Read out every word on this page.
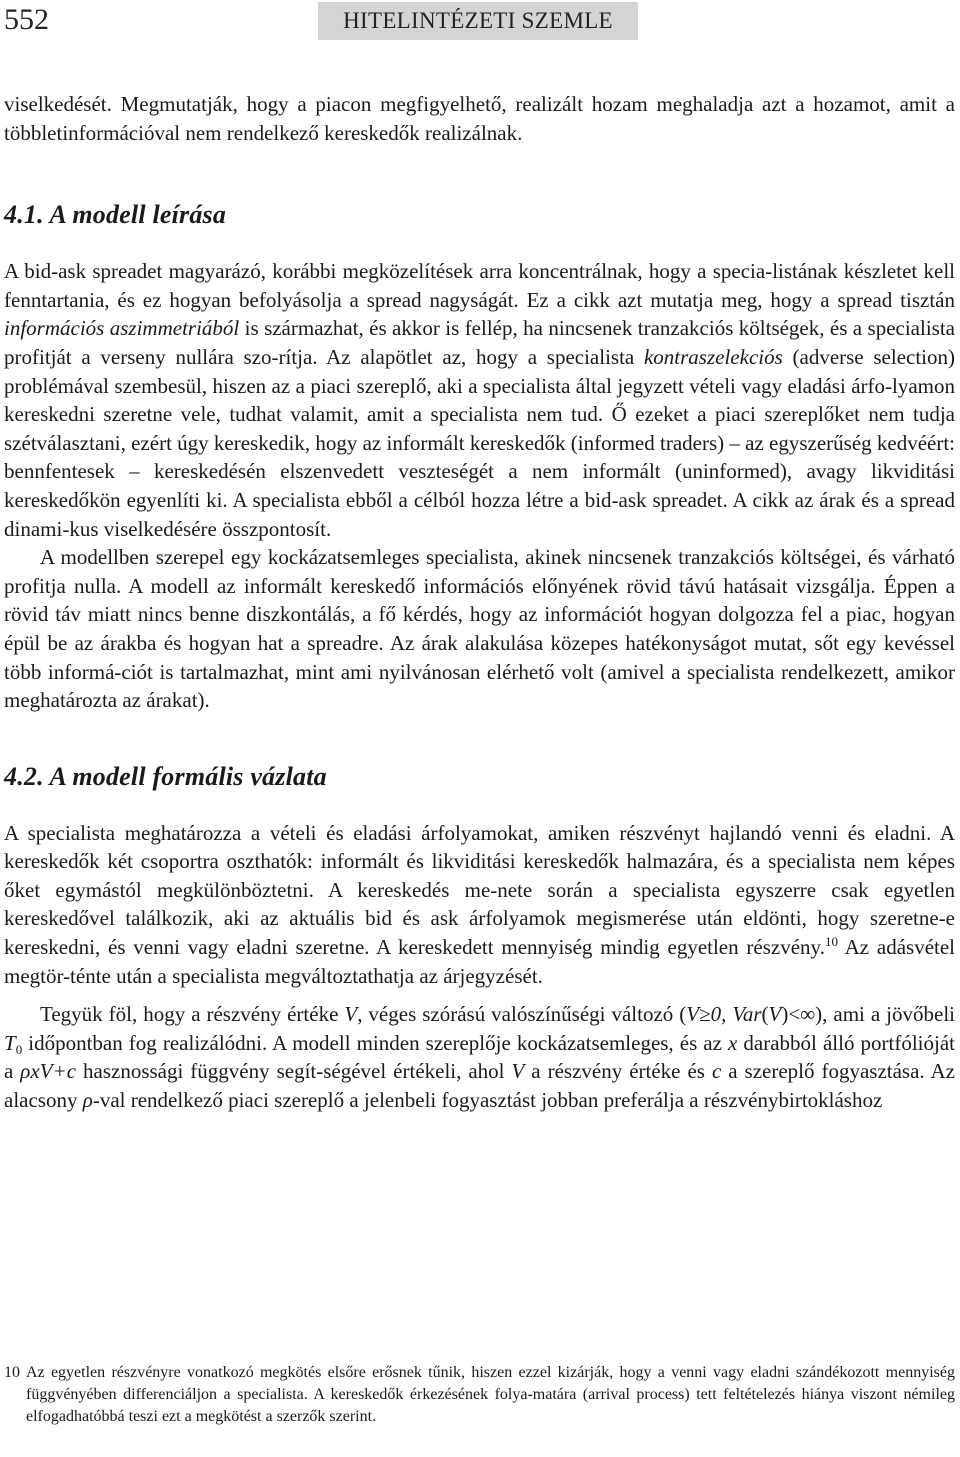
552	HITELINTÉZETI SZEMLE

viselkedését. Megmutatják, hogy a piacon megfigyelhető, realizált hozam meghaladja azt a hozamot, amit a többletinformációval nem rendelkező kereskedők realizálnak.

4.1. A modell leírása

A bid-ask spreadet magyarázó, korábbi megközelítések arra koncentrálnak, hogy a specia-listának készletet kell fenntartania, és ez hogyan befolyásolja a spread nagyságát. Ez a cikk azt mutatja meg, hogy a spread tisztán információs aszimmetriából is származhat, és akkor is fellép, ha nincsenek tranzakciós költségek, és a specialista profitját a verseny nullára szo-rítja. Az alapötlet az, hogy a specialista kontraszelekciós (adverse selection) problémával szembesül, hiszen az a piaci szereplő, aki a specialista által jegyzett vételi vagy eladási árfo-lyamon kereskedni szeretne vele, tudhat valamit, amit a specialista nem tud. Ő ezeket a piaci szereplőket nem tudja szétválasztani, ezért úgy kereskedik, hogy az informált kereskedők (informed traders) – az egyszerűség kedvéért: bennfentesek – kereskedésén elszenvedett veszteségét a nem informált (uninformed), avagy likviditási kereskedőkön egyenlíti ki. A specialista ebből a célból hozza létre a bid-ask spreadet. A cikk az árak és a spread dinami-kus viselkedésére összpontosít.

A modellben szerepel egy kockázatsemleges specialista, akinek nincsenek tranzakciós költségei, és várható profitja nulla. A modell az informált kereskedő információs előnyének rövid távú hatásait vizsgálja. Éppen a rövid táv miatt nincs benne diszkontálás, a fő kérdés, hogy az információt hogyan dolgozza fel a piac, hogyan épül be az árakba és hogyan hat a spreadre. Az árak alakulása közepes hatékonyságot mutat, sőt egy kevéssel több informá-ciót is tartalmazhat, mint ami nyilvánosan elérhető volt (amivel a specialista rendelkezett, amikor meghatározta az árakat).

4.2. A modell formális vázlata

A specialista meghatározza a vételi és eladási árfolyamokat, amiken részvényt hajlandó venni és eladni. A kereskedők két csoportra oszthatók: informált és likviditási kereskedők halmazára, és a specialista nem képes őket egymástól megkülönböztetni. A kereskedés me-nete során a specialista egyszerre csak egyetlen kereskedővel találkozik, aki az aktuális bid és ask árfolyamok megismerése után eldönti, hogy szeretne-e kereskedni, és venni vagy eladni szeretne. A kereskedett mennyiség mindig egyetlen részvény.$^{10}$ Az adásvétel megtör-ténte után a specialista megváltoztathatja az árjegyzését.

Tegyük föl, hogy a részvény értéke V, véges szórású valószínűségi változó (V≥0, Var(V)<∞), ami a jövőbeli $T_0$ időpontban fog realizálódni. A modell minden szereplője kockázatsemleges, és az x darabból álló portfólióját a ρxV+c hasznossági függvény segít-ségével értékeli, ahol V a részvény értéke és c a szereplő fogyasztása. Az alacsony ρ-val rendelkező piaci szereplő a jelenbeli fogyasztást jobban preferálja a részvénybirtokláshoz

10 Az egyetlen részvényre vonatkozó megkötés elsőre erősnek tűnik, hiszen ezzel kizárják, hogy a venni vagy eladni szándékozott mennyiség függvényében differenciáljon a specialista. A kereskedők érkezésének folya-matára (arrival process) tett feltételezés hiánya viszont némileg elfogadhatóbbá teszi ezt a megkötést a szerzők szerint.
